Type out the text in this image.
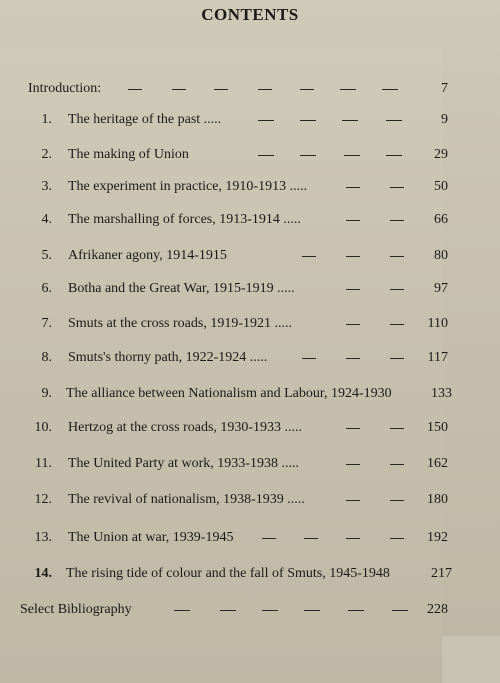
CONTENTS
Introduction:	7
1. The heritage of the past .....	9
2. The making of Union	29
3. The experiment in practice, 1910-1913 .....	50
4. The marshalling of forces, 1913-1914 .....	66
5. Afrikaner agony, 1914-1915	80
6. Botha and the Great War, 1915-1919 .....	97
7. Smuts at the cross roads, 1919-1921 .....	110
8. Smuts's thorny path, 1922-1924 .....	117
9. The alliance between Nationalism and Labour, 1924-1930	133
10. Hertzog at the cross roads, 1930-1933 .....	150
11. The United Party at work, 1933-1938 .....	162
12. The revival of nationalism, 1938-1939 .....	180
13. The Union at war, 1939-1945	192
14. The rising tide of colour and the fall of Smuts, 1945-1948	217
Select Bibliography	228
